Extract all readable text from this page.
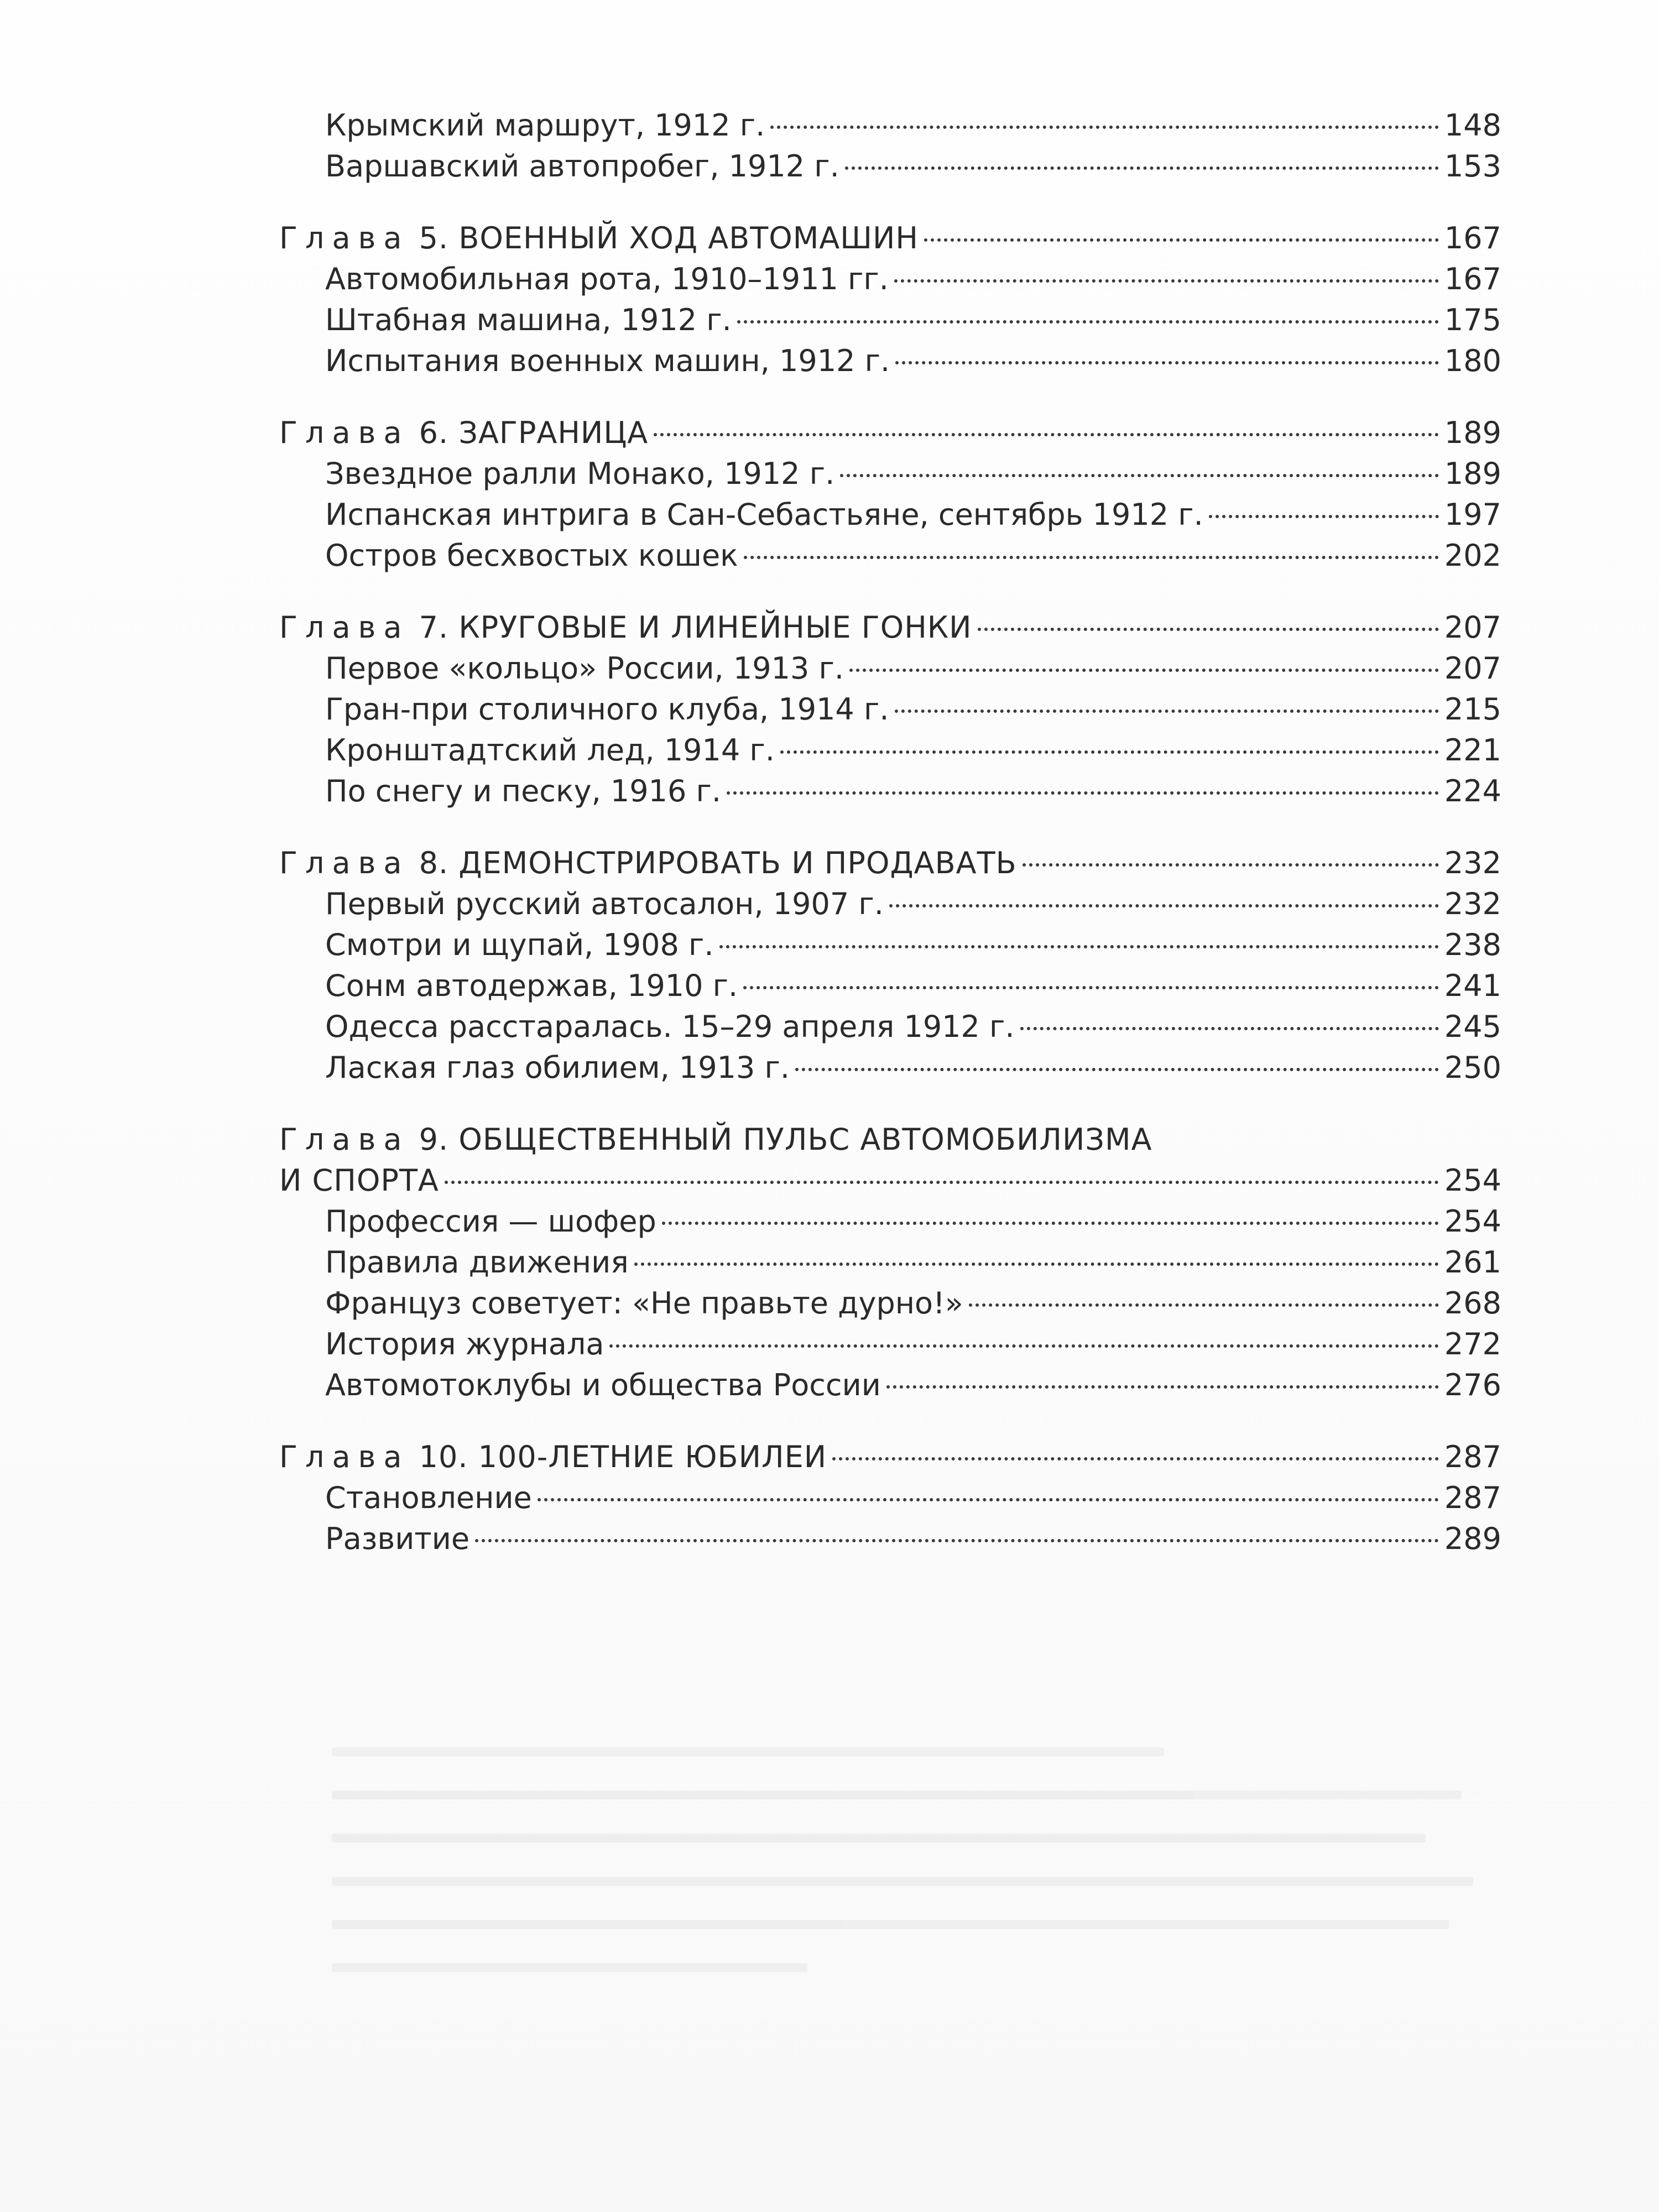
Крымский маршрут, 1912 г.	148
Варшавский автопробег, 1912 г.	153
Глава 5. ВОЕННЫЙ ХОД АВТОМАШИН	167
Автомобильная рота, 1910–1911 гг.	167
Штабная машина, 1912 г.	175
Испытания военных машин, 1912 г.	180
Глава 6. ЗАГРАНИЦА	189
Звездное ралли Монако, 1912 г.	189
Испанская интрига в Сан-Себастьяне, сентябрь 1912 г.	197
Остров бесхвостых кошек	202
Глава 7. КРУГОВЫЕ И ЛИНЕЙНЫЕ ГОНКИ	207
Первое «кольцо» России, 1913 г.	207
Гран-при столичного клуба, 1914 г.	215
Кронштадтский лед, 1914 г.	221
По снегу и песку, 1916 г.	224
Глава 8. ДЕМОНСТРИРОВАТЬ И ПРОДАВАТЬ	232
Первый русский автосалон, 1907 г.	232
Смотри и щупай, 1908 г.	238
Сонм автодержав, 1910 г.	241
Одесса расстаралась. 15–29 апреля 1912 г.	245
Лаская глаз обилием, 1913 г.	250
Глава 9. ОБЩЕСТВЕННЫЙ ПУЛЬС АВТОМОБИЛИЗМА
И СПОРТА	254
Профессия — шофер	254
Правила движения	261
Француз советует: «Не правьте дурно!»	268
История журнала	272
Автомотоклубы и общества России	276
Глава 10. 100-ЛЕТНИЕ ЮБИЛЕИ	287
Становление	287
Развитие	289
